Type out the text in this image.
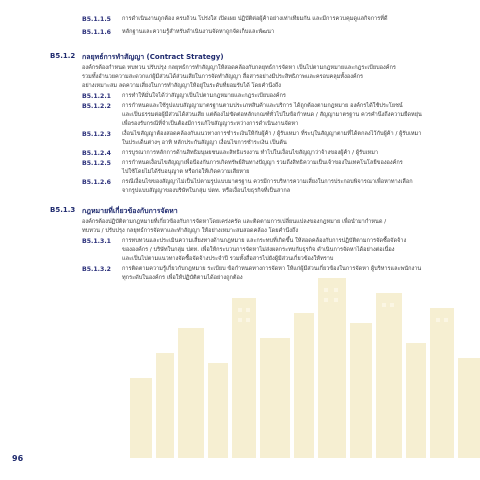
B5.1.1.5 การดำเนินงานถูกต้อง ครบถ้วน โปร่งใส เปิดเผย ปฏิบัติต่อผู้ค้าอย่างเท่าเทียมกัน และมีการควบคุมดูแลกิจการที่ดี
B5.1.1.6 หลักฐานและความรู้สำหรับดำเนินงานจัดหาถูกจัดเก็บและพัฒนา
B5.1.2 กลยุทธ์การทำสัญญา (Contract Strategy)
องค์กรต้องกำหนด ทบทวน ปรับปรุง กลยุทธ์การทำสัญญาให้สอดคล้องกับกลยุทธ์การจัดหา เป็นไปตามกฎหมายและกฎระเบียบองค์กร
รวมทั้งอำนวยความสะดวกแก่ผู้มีส่วนได้ส่วนเสียในการจัดทำสัญญา สื่อสารอย่างมีประสิทธิภาพและครอบคลุมทั้งองค์กร
อย่างเหมาะสม ลดความเสี่ยงในการทำสัญญาให้อยู่ในระดับที่ยอมรับได้ โดยคำนึงถึง
B5.1.2.1 การทำให้มั่นใจได้ว่าสัญญาเป็นไปตามกฎหมายและกฎระเบียบองค์กร
B5.1.2.2 การกำหนดและใช้รูปแบบสัญญามาตรฐานตามประเภทสินค้าและบริการ ได้ถูกต้องตามกฎหมาย องค์กรได้ใช้ประโยชน์
และเป็นธรรมต่อผู้มีส่วนได้ส่วนเสีย แต่ต้องไม่ขัดต่อหลักเกณฑ์ทั่วไปในข้อกำหนด / สัญญามาตรฐาน ควรคำนึงถึงความยืดหยุ่น
เพื่อรองรับกรณีที่จำเป็นต้องมีการแก้ไขสัญญาระหว่างการดำเนินงานจัดหา
B5.1.2.3 เงื่อนไขสัญญาต้องสอดคล้องกับแนวทางการชำระเงินให้กับผู้ค้า / ผู้รับเหมา ที่ระบุในสัญญาตามที่ได้ตกลงไว้กับผู้ค้า / ผู้รับเหมา
ในประเด็นต่างๆ อาทิ หลักประกันสัญญา เงื่อนไขการชำระเงิน เป็นต้น
B5.1.2.4 การบูรณาการหลักการด้านสิทธิมนุษยชนและสิทธิแรงงาน ทำไปในเงื่อนไขสัญญาว่าจ้างของผู้ค้า / ผู้รับเหมา
B5.1.2.5 การกำหนดเงื่อนไขสัญญาเพื่อป้องกันการเกิดทรัพย์สินทางปัญญา รวมถึงสิทธิความเป็นเจ้าของในเทคโนโลยีขององค์กร
ไปใช้โดยไม่ได้รับอนุญาต หรือก่อให้เกิดความเสียหาย
B5.1.2.6 กรณีเงื่อนไขของสัญญาไม่เป็นไปตามรูปแบบมาตรฐาน ควรมีการบริหารความเสี่ยงในการประกอบพิจารณาเพื่อหาทางเลือก
จากรูปแบบสัญญาของบริษัทในกลุ่ม ปตท. หรือเงื่อนไขธุรกิจที่เป็นสากล
B5.1.3 กฎหมายที่เกี่ยวข้องกับการจัดหา
องค์กรต้องปฏิบัติตามกฎหมายที่เกี่ยวข้องกับการจัดหาโดยเคร่งครัด และติดตามการเปลี่ยนแปลงของกฎหมาย เพื่อนำมากำหนด /
ทบทวน / ปรับปรุง กลยุทธ์การจัดหาและทำสัญญา ให้อย่างเหมาะสมสอดคล้อง โดยคำนึงถึง
B5.1.3.1 การทบทวนและประเมินความเสี่ยงทางด้านกฎหมาย และกระทบที่เกิดขึ้น ให้สอดคล้องกับการปฏิบัติตามการจัดซื้อจัดจ้าง
ขององค์กร / บริษัทในกลุ่ม ปตท. เพื่อให้กระบวนการจัดหาไม่ส่งผลกระทบกับธุรกิจ ดำเนินการจัดหาได้อย่างต่อเนื่อง
และเป็นไปตามแนวทางจัดซื้อจัดจ้างประจำปี รวมทั้งสื่อสารไปยังผู้มีส่วนเกี่ยวข้องให้ทราบ
B5.1.3.2 การติดตามความรู้เกี่ยวกับกฎหมาย ระเบียบ ข้อกำหนดทางการจัดหา ให้แก่ผู้มีส่วนเกี่ยวข้องในการจัดหา ผู้บริหารและพนักงาน
ทุกระดับในองค์กร เพื่อให้ปฏิบัติตามได้อย่างถูกต้อง
96
